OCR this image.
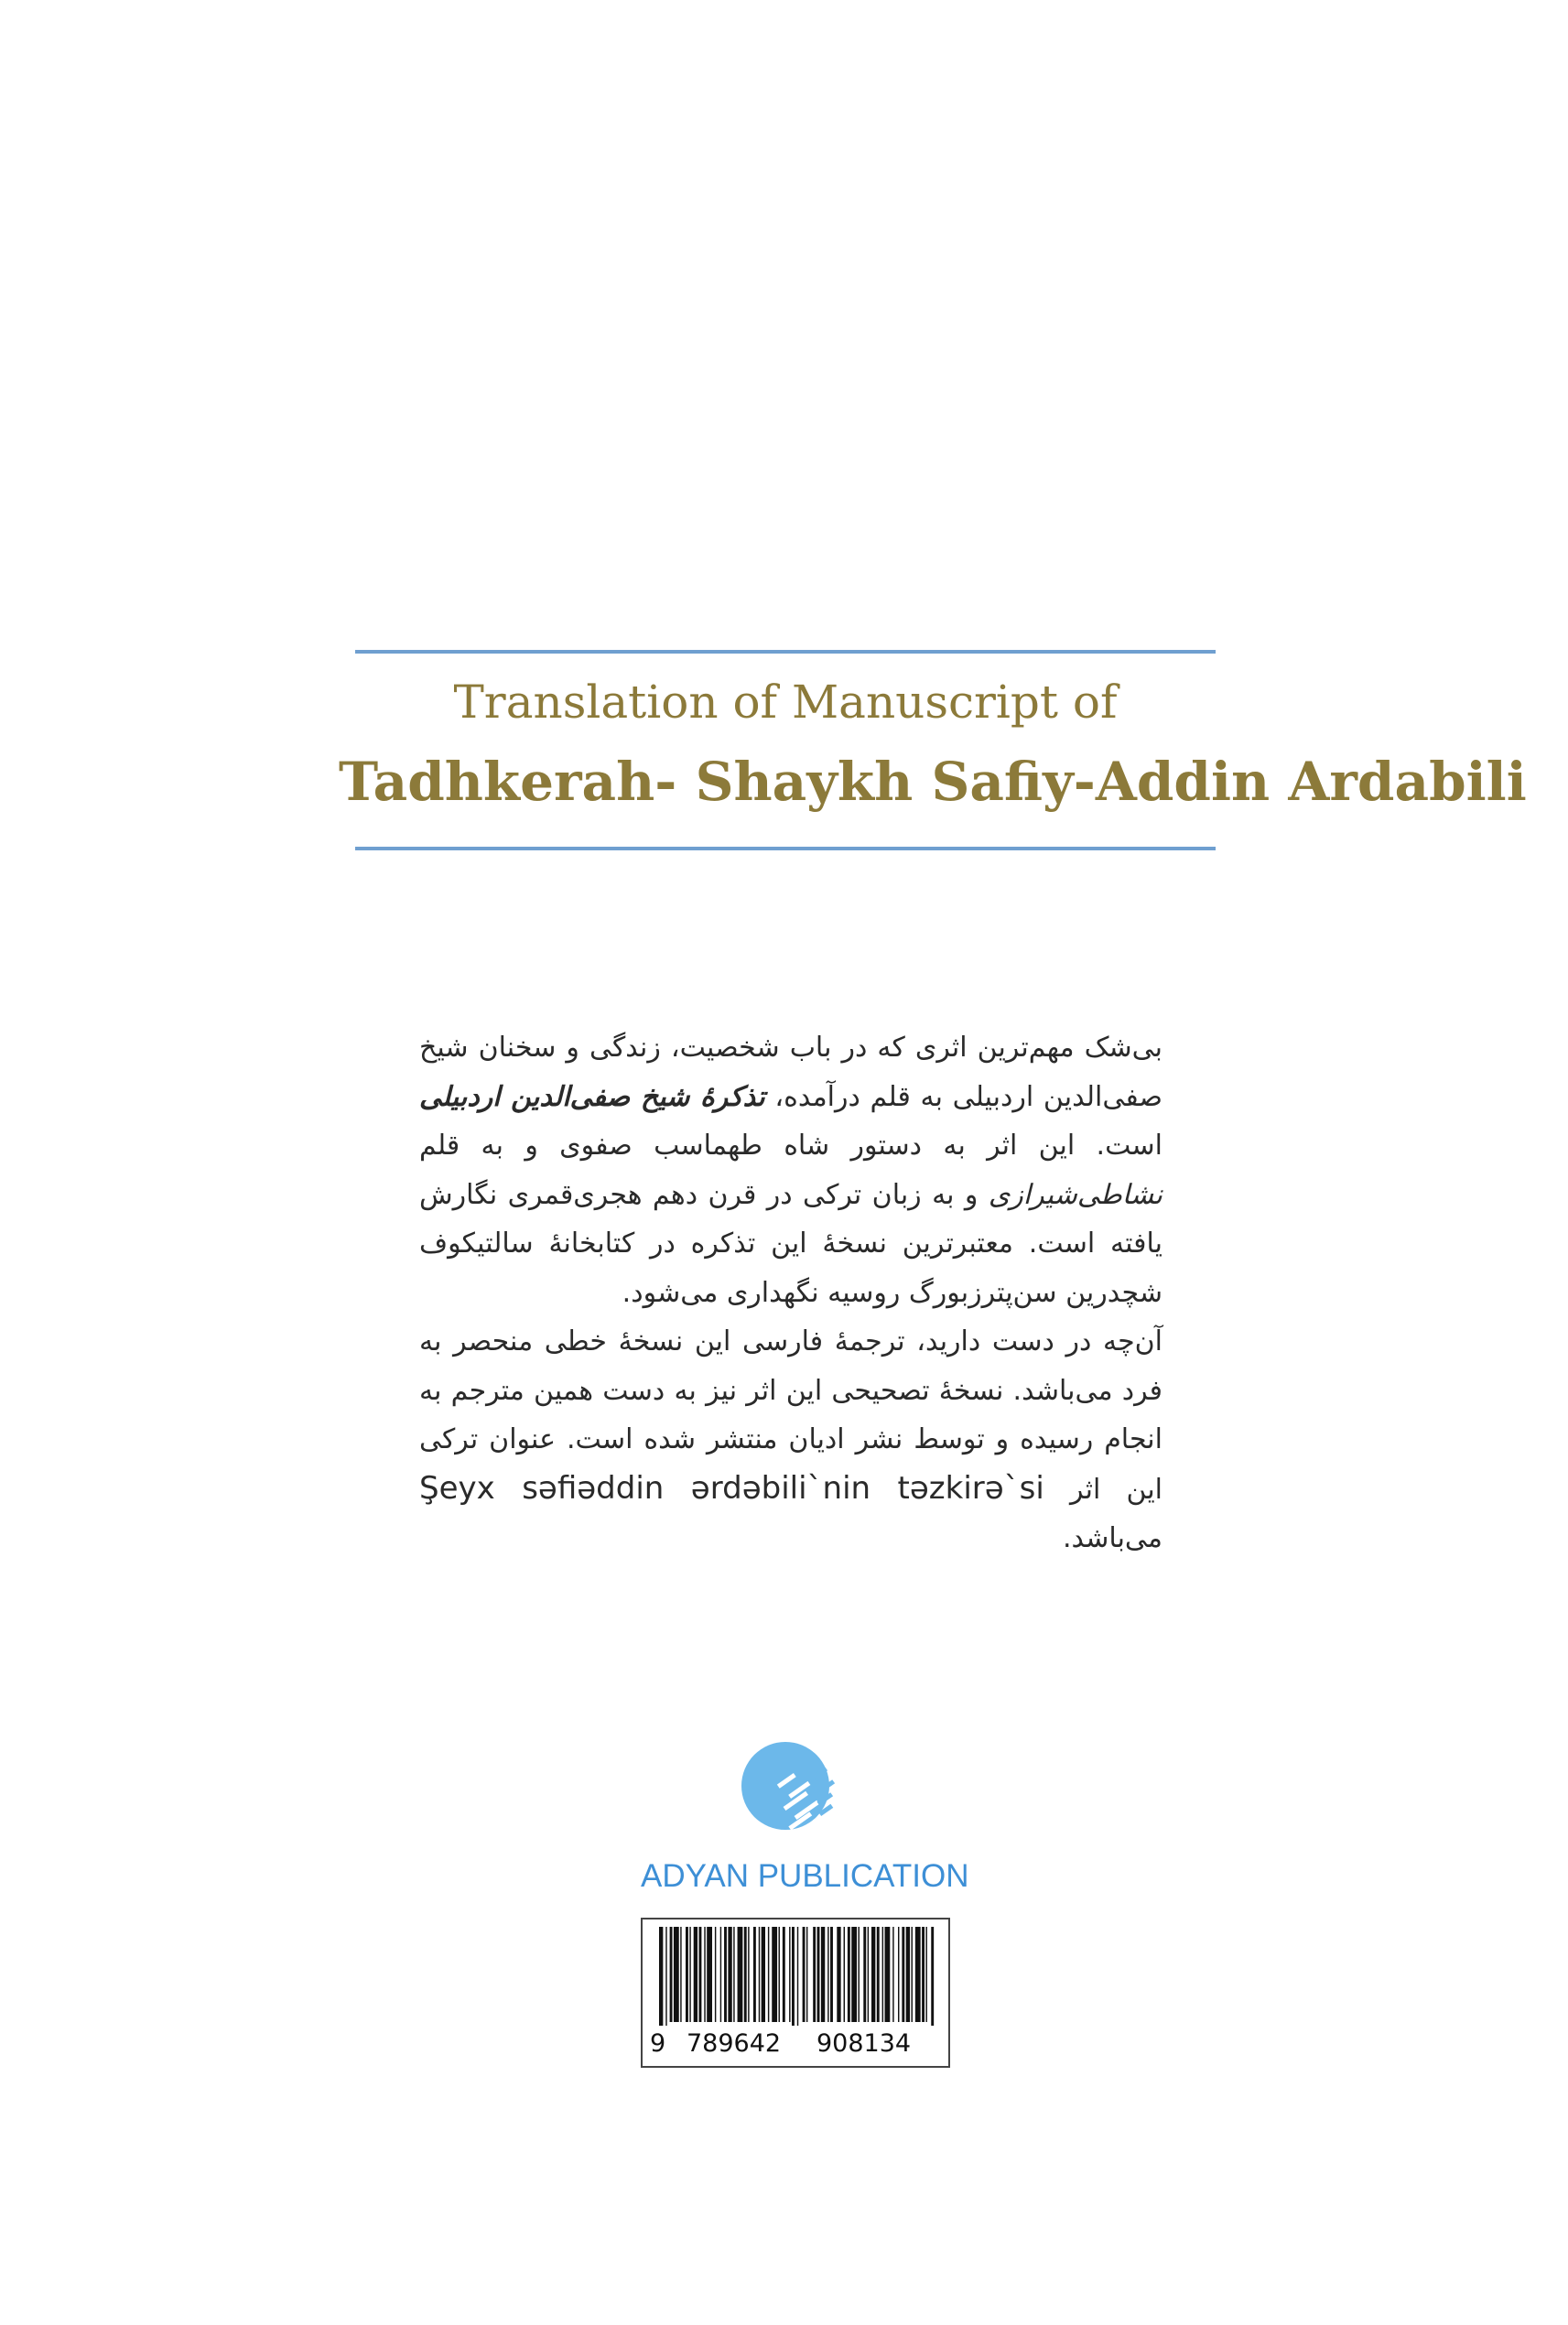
Translation of Manuscript of
Tadhkerah- Shaykh Safiy-Addin Ardabili

بی‌شک مهم‌ترین اثری که در باب شخصیت، زندگی و سخنان شیخ صفی‌الدین اردبیلی به قلم درآمده، تذکرهٔ شیخ صفی‌الدین اردبیلی است. این اثر به دستور شاه طهماسب صفوی و به قلم نشاطی‌شیرازی و به زبان ترکی در قرن دهم هجری‌قمری نگارش یافته است. معتبرترین نسخهٔ این تذکره در کتابخانهٔ سالتیکوف شچدرین سن‌پترزبورگ روسیه نگهداری می‌شود.

آن‌چه در دست دارید، ترجمهٔ فارسی این نسخهٔ خطی منحصر به فرد می‌باشد. نسخهٔ تصحیحی این اثر نیز به دست همین مترجم به انجام رسیده و توسط نشر ادیان منتشر شده است. عنوان ترکی این اثر Şeyx səfiəddin ərdəbili`nin təzkirə`si می‌باشد.

ADYAN PUBLICATION
9 789642 908134
